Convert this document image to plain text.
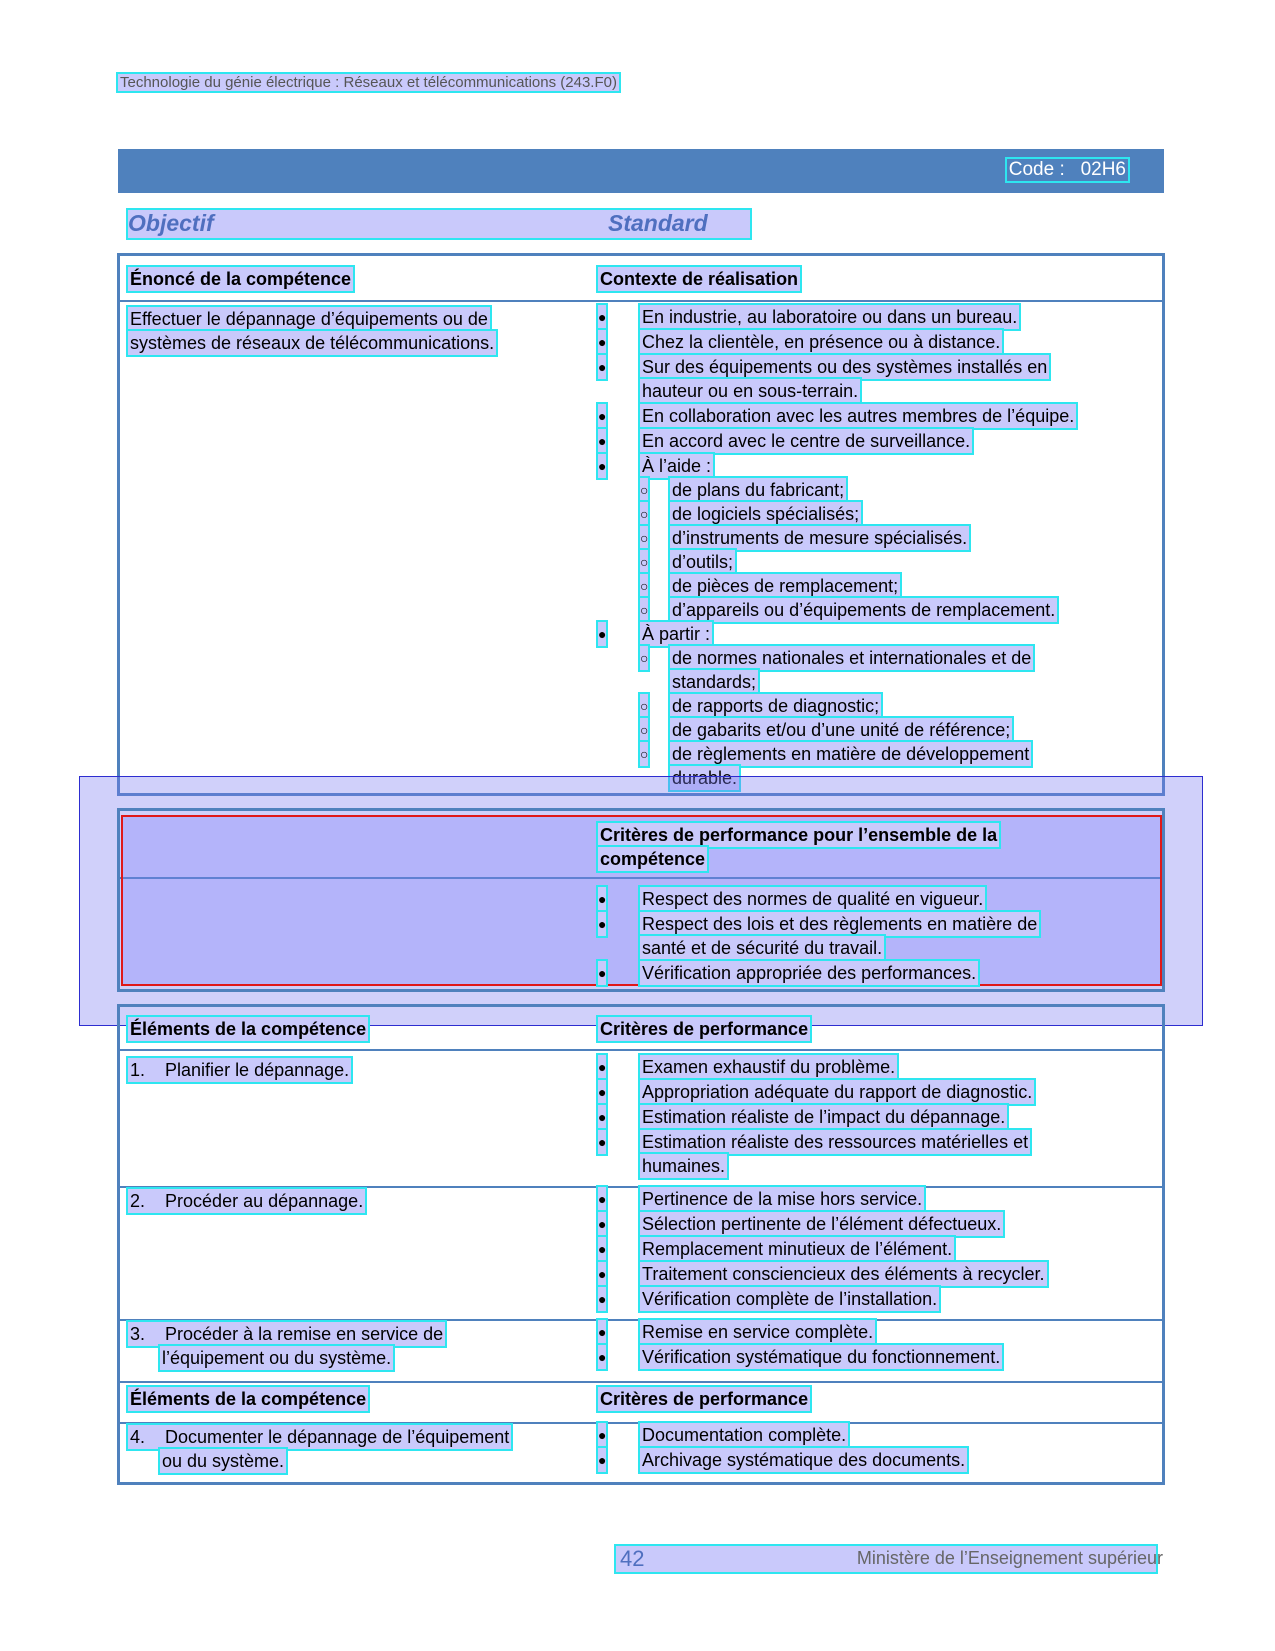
Technologie du génie électrique : Réseaux et télécommunications (243.F0)
Code : 02H6
Objectif	Standard
Énoncé de la compétence	Contexte de réalisation
Effectuer le dépannage d’équipements ou de
systèmes de réseaux de télécommunications.
● En industrie, au laboratoire ou dans un bureau.
● Chez la clientèle, en présence ou à distance.
● Sur des équipements ou des systèmes installés en
hauteur ou en sous-terrain.
● En collaboration avec les autres membres de l’équipe.
● En accord avec le centre de surveillance.
● À l’aide :
○ de plans du fabricant;
○ de logiciels spécialisés;
○ d’instruments de mesure spécialisés.
○ d’outils;
○ de pièces de remplacement;
○ d’appareils ou d’équipements de remplacement.
● À partir :
○ de normes nationales et internationales et de
standards;
○ de rapports de diagnostic;
○ de gabarits et/ou d’une unité de référence;
○ de règlements en matière de développement
durable.
Critères de performance pour l’ensemble de la
compétence
● Respect des normes de qualité en vigueur.
● Respect des lois et des règlements en matière de
santé et de sécurité du travail.
● Vérification appropriée des performances.
Éléments de la compétence	Critères de performance
1. Planifier le dépannage.	● Examen exhaustif du problème.
● Appropriation adéquate du rapport de diagnostic.
● Estimation réaliste de l’impact du dépannage.
● Estimation réaliste des ressources matérielles et
humaines.
2. Procéder au dépannage.	● Pertinence de la mise hors service.
● Sélection pertinente de l’élément défectueux.
● Remplacement minutieux de l’élément.
● Traitement consciencieux des éléments à recycler.
● Vérification complète de l’installation.
3. Procéder à la remise en service de
l’équipement ou du système.
● Remise en service complète.
● Vérification systématique du fonctionnement.
Éléments de la compétence	Critères de performance
4. Documenter le dépannage de l’équipement
ou du système.
● Documentation complète.
● Archivage systématique des documents.
42	Ministère de l’Enseignement supérieur
